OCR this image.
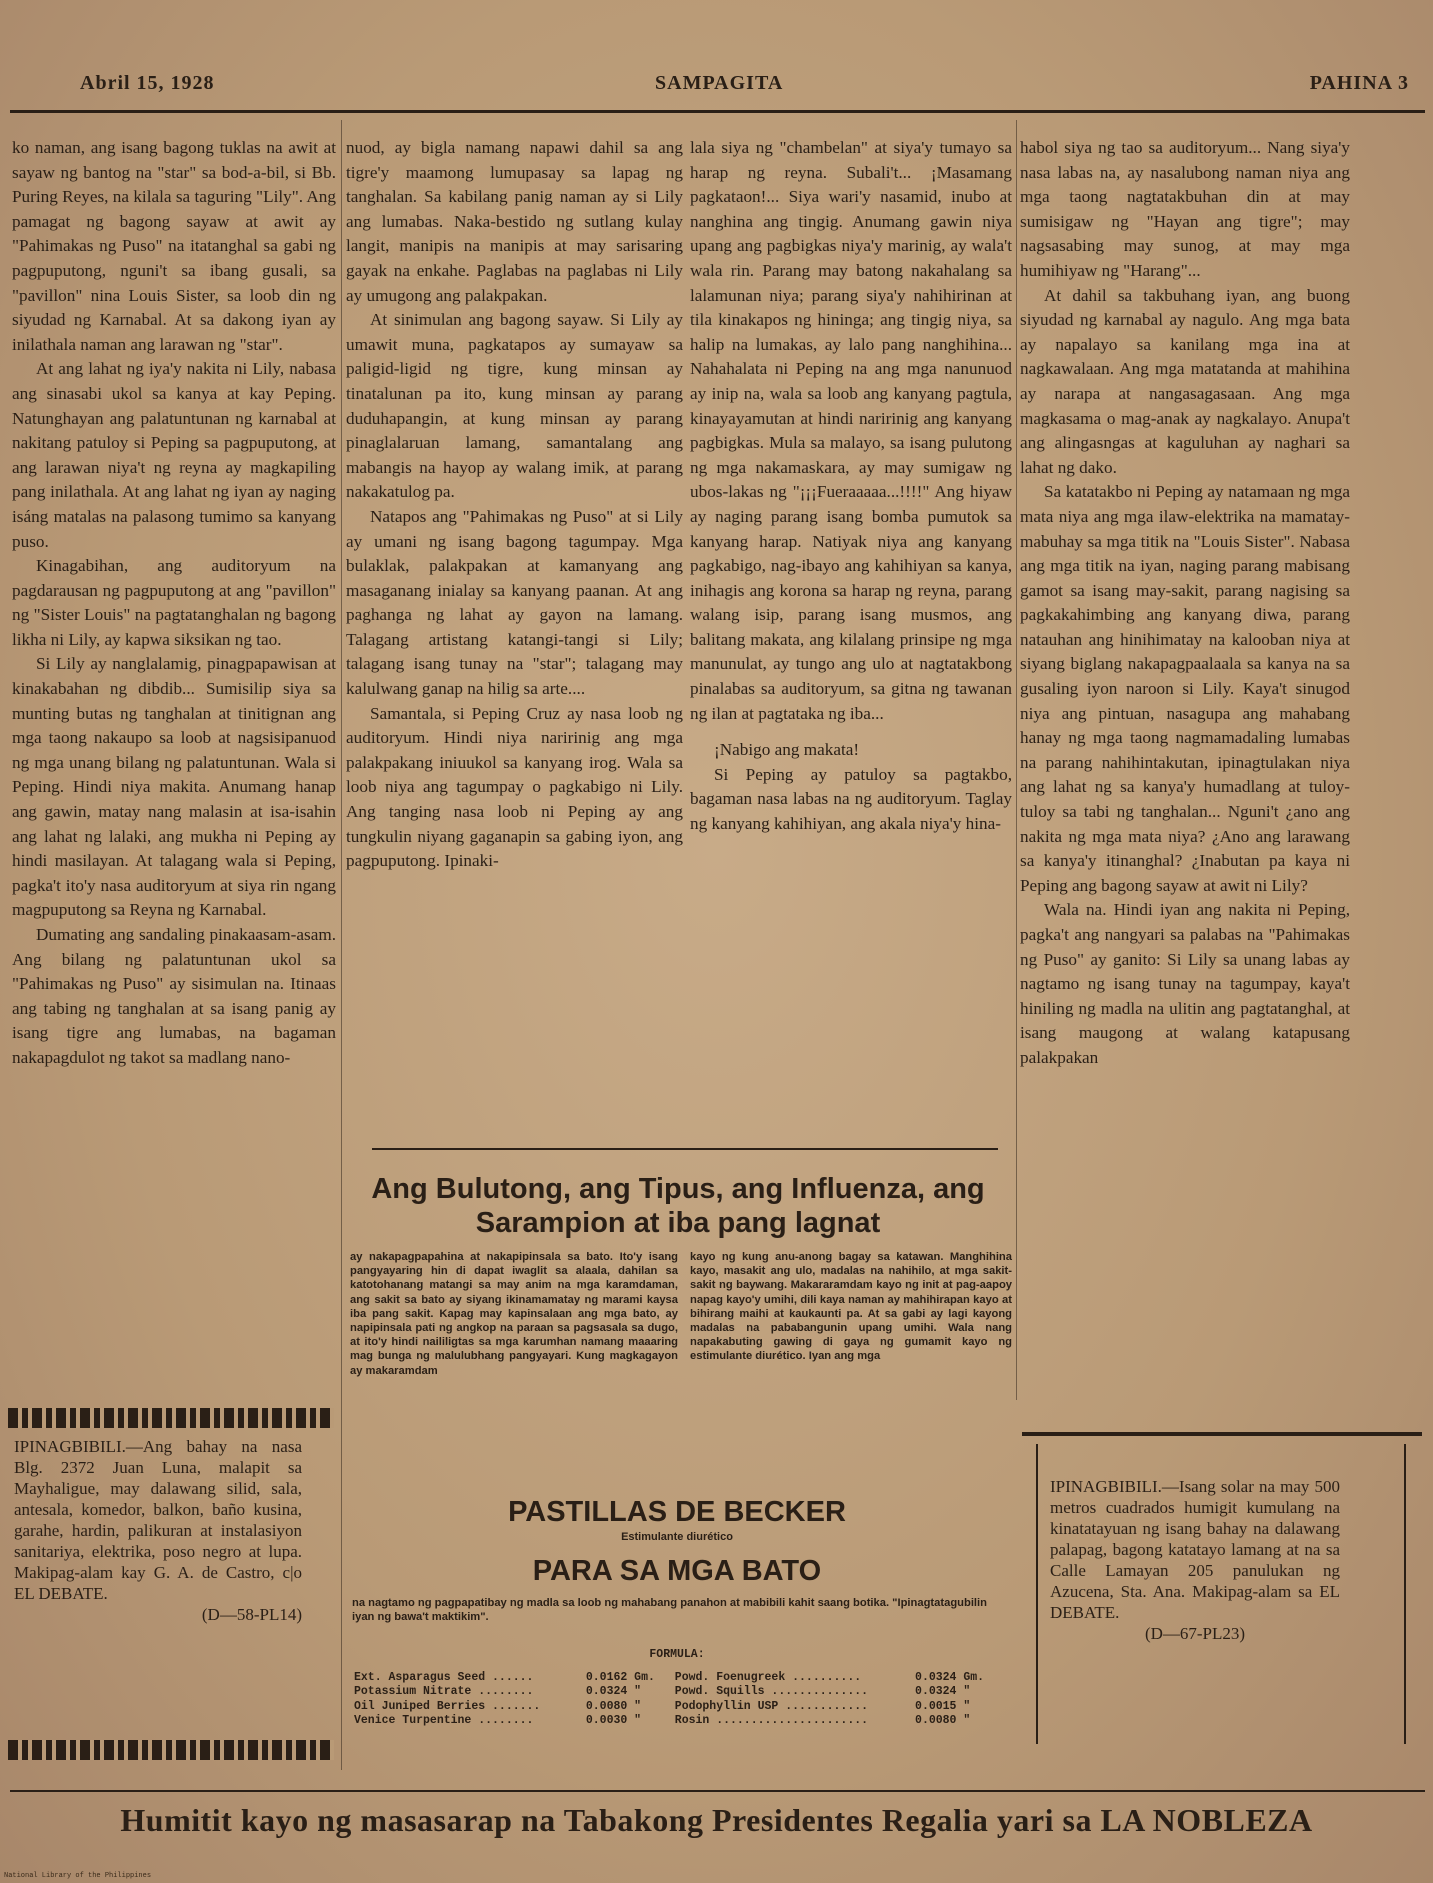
Abril 15, 1928	SAMPAGITA	PAHINA 3

ko naman, ang isang bagong tuklas na awit at sayaw ng bantog na "star" sa bod-a-bil, si Bb. Puring Reyes, na kilala sa taguring "Lily". Ang pamagat ng bagong sayaw at awit ay "Pahimakas ng Puso" na itatanghal sa gabi ng pagpuputong, nguni't sa ibang gusali, sa "pavillon" nina Louis Sister, sa loob din ng siyudad ng Karnabal. At sa dakong iyan ay inilathala naman ang larawan ng "star".

At ang lahat ng iya'y nakita ni Lily, nabasa ang sinasabi ukol sa kanya at kay Peping. Natunghayan ang palatuntunan ng karnabal at nakitang patuloy si Peping sa pagpuputong, at ang larawan niya't ng reyna ay magkapiling pang inilathala. At ang lahat ng iyan ay naging isáng matalas na palasong tumimo sa kanyang puso.

Kinagabihan, ang auditoryum na pagdarausan ng pagpuputong at ang "pavillon" ng "Sister Louis" na pagtatanghalan ng bagong likha ni Lily, ay kapwa siksikan ng tao.

Si Lily ay nanglalamig, pinagpapawisan at kinakabahan ng dibdib... Sumisilip siya sa munting butas ng tanghalan at tinitignan ang mga taong nakaupo sa loob at nagsisipanuod ng mga unang bilang ng palatuntunan. Wala si Peping. Hindi niya makita. Anumang hanap ang gawin, matay nang malasin at isa-isahin ang lahat ng lalaki, ang mukha ni Peping ay hindi masilayan. At talagang wala si Peping, pagka't ito'y nasa auditoryum at siya rin ngang magpuputong sa Reyna ng Karnabal.

Dumating ang sandaling pinakaasam-asam. Ang bilang ng palatuntunan ukol sa "Pahimakas ng Puso" ay sisimulan na. Itinaas ang tabing ng tanghalan at sa isang panig ay isang tigre ang lumabas, na bagaman nakapagdulot ng takot sa madlang nano-

nuod, ay bigla namang napawi dahil sa ang tigre'y maamong lumupasay sa lapag ng tanghalan. Sa kabilang panig naman ay si Lily ang lumabas. Naka-bestido ng sutlang kulay langit, manipis na manipis at may sarisaring gayak na enkahe. Paglabas na paglabas ni Lily ay umugong ang palakpakan.

At sinimulan ang bagong sayaw. Si Lily ay umawit muna, pagkatapos ay sumayaw sa paligid-ligid ng tigre, kung minsan ay tinatalunan pa ito, kung minsan ay parang duduhapangin, at kung minsan ay parang pinaglalaruan lamang, samantalang ang mabangis na hayop ay walang imik, at parang nakakatulog pa.

Natapos ang "Pahimakas ng Puso" at si Lily ay umani ng isang bagong tagumpay. Mga bulaklak, palakpakan at kamanyang ang masaganang inialay sa kanyang paanan. At ang paghanga ng lahat ay gayon na lamang. Talagang artistang katangi-tangi si Lily; talagang isang tunay na "star"; talagang may kalulwang ganap na hilig sa arte....

Samantala, si Peping Cruz ay nasa loob ng auditoryum. Hindi niya naririnig ang mga palakpakang iniuukol sa kanyang irog. Wala sa loob niya ang tagumpay o pagkabigo ni Lily. Ang tanging nasa loob ni Peping ay ang tungkulin niyang gaganapin sa gabing iyon, ang pagpuputong. Ipinaki-

lala siya ng "chambelan" at siya'y tumayo sa harap ng reyna. Subali't... ¡Masamang pagkataon!... Siya wari'y nasamid, inubo at nanghina ang tingig. Anumang gawin niya upang ang pagbigkas niya'y marinig, ay wala't wala rin. Parang may batong nakahalang sa lalamunan niya; parang siya'y nahihirinan at tila kinakapos ng hininga; ang tingig niya, sa halip na lumakas, ay lalo pang nanghihina... Nahahalata ni Peping na ang mga nanunuod ay inip na, wala sa loob ang kanyang pagtula, kinayayamutan at hindi naririnig ang kanyang pagbigkas. Mula sa malayo, sa isang pulutong ng mga nakamaskara, ay may sumigaw ng ubos-lakas ng "¡¡¡Fueraaaaa...!!!!" Ang hiyaw ay naging parang isang bomba pumutok sa kanyang harap. Natiyak niya ang kanyang pagkabigo, nag-ibayo ang kahihiyan sa kanya, inihagis ang korona sa harap ng reyna, parang walang isip, parang isang musmos, ang balitang makata, ang kilalang prinsipe ng mga manunulat, ay tungo ang ulo at nagtatakbong pinalabas sa auditoryum, sa gitna ng tawanan ng ilan at pagtataka ng iba...

¡Nabigo ang makata!

Si Peping ay patuloy sa pagtakbo, bagaman nasa labas na ng auditoryum. Taglay ng kanyang kahihiyan, ang akala niya'y hina-

habol siya ng tao sa auditoryum... Nang siya'y nasa labas na, ay nasalubong naman niya ang mga taong nagtatakbuhan din at may sumisigaw ng "Hayan ang tigre"; may nagsasabing may sunog, at may mga humihiyaw ng "Harang"...

At dahil sa takbuhang iyan, ang buong siyudad ng karnabal ay nagulo. Ang mga bata ay napalayo sa kanilang mga ina at nagkawalaan. Ang mga matatanda at mahihina ay narapa at nangasagasaan. Ang mga magkasama o mag-anak ay nagkalayo. Anupa't ang alingasngas at kaguluhan ay naghari sa lahat ng dako.

Sa katatakbo ni Peping ay natamaan ng mga mata niya ang mga ilaw-elektrika na mamatay-mabuhay sa mga titik na "Louis Sister". Nabasa ang mga titik na iyan, naging parang mabisang gamot sa isang may-sakit, parang nagising sa pagkakahimbing ang kanyang diwa, parang natauhan ang hinihimatay na kalooban niya at siyang biglang nakapagpaalaala sa kanya na sa gusaling iyon naroon si Lily. Kaya't sinugod niya ang pintuan, nasagupa ang mahabang hanay ng mga taong nagmamadaling lumabas na parang nahihintakutan, ipinagtulakan niya ang lahat ng sa kanya'y humadlang at tuloy-tuloy sa tabi ng tanghalan... Nguni't ¿ano ang nakita ng mga mata niya? ¿Ano ang larawang sa kanya'y itinanghal? ¿Inabutan pa kaya ni Peping ang bagong sayaw at awit ni Lily?

Wala na. Hindi iyan ang nakita ni Peping, pagka't ang nangyari sa palabas na "Pahimakas ng Puso" ay ganito: Si Lily sa unang labas ay nagtamo ng isang tunay na tagumpay, kaya't hiniling ng madla na ulitin ang pagtatanghal, at isang maugong at walang katapusang palakpakan

Ang Bulutong, ang Tipus, ang Influenza, ang Sarampion at iba pang lagnat
ay nakapagpapahina at nakapipinsala sa bato. Ito'y isang pangyayaring hin di dapat iwaglit sa alaala, dahilan sa katotohanang matangi sa may anim na mga karamdaman, ang sakit sa bato ay siyang ikinamamatay ng marami kaysa iba pang sakit. Kapag may kapinsalaan ang mga bato, ay napipinsala pati ng angkop na paraan sa pagsasala sa dugo, at ito'y hindi naililigtas sa mga karumhan namang maaaring mag bunga ng malulubhang pangyayari. Kung magkagayon ay makaramdam
kayo ng kung anu-anong bagay sa katawan. Manghihina kayo, masakit ang ulo, madalas na nahihilo, at mga sakit-sakit ng baywang. Makararamdam kayo ng init at pag-aapoy napag kayo'y umihi, dili kaya naman ay mahihirapan kayo at bihirang maihi at kaukaunti pa. At sa gabi ay lagi kayong madalas na pababangunin upang umihi. Wala nang napakabuting gawing di gaya ng gumamit kayo ng estimulante diurético. Iyan ang mga
PASTILLAS DE BECKER
Estimulante diurético
PARA SA MGA BATO
na nagtamo ng pagpapatibay ng madla sa loob ng mahabang panahon at mabibili kahit saang botika. "Ipinagtatagubilin iyan ng bawa't maktikim".
FORMULA:
Ext. Asparagus Seed ......	0.0162 Gm.	Powd. Foenugreek ..........	0.0324 Gm.
Potassium Nitrate ........	0.0324 "	Powd. Squills ..............	0.0324 "
Oil Juniped Berries .......	0.0080 "	Podophyllin USP ............	0.0015 "
Venice Turpentine ........	0.0030 "	Rosin ......................	0.0080 "
IPINAGBIBILI.—Ang bahay na nasa Blg. 2372 Juan Luna, malapit sa Mayhaligue, may dalawang silid, sala, antesala, komedor, balkon, baño kusina, garahe, hardin, palikuran at instalasiyon sanitariya, elektrika, poso negro at lupa. Makipag-alam kay G. A. de Castro, c|o EL DEBATE.
(D—58-PL14)
IPINAGBIBILI.—Isang solar na may 500 metros cuadrados humigit kumulang na kinatatayuan ng isang bahay na dalawang palapag, bagong katatayo lamang at na sa Calle Lamayan 205 panulukan ng Azucena, Sta. Ana. Makipag-alam sa EL DEBATE.
(D—67-PL23)
Humitit kayo ng masasarap na Tabakong Presidentes Regalia yari sa LA NOBLEZA
National Library of the Philippines
